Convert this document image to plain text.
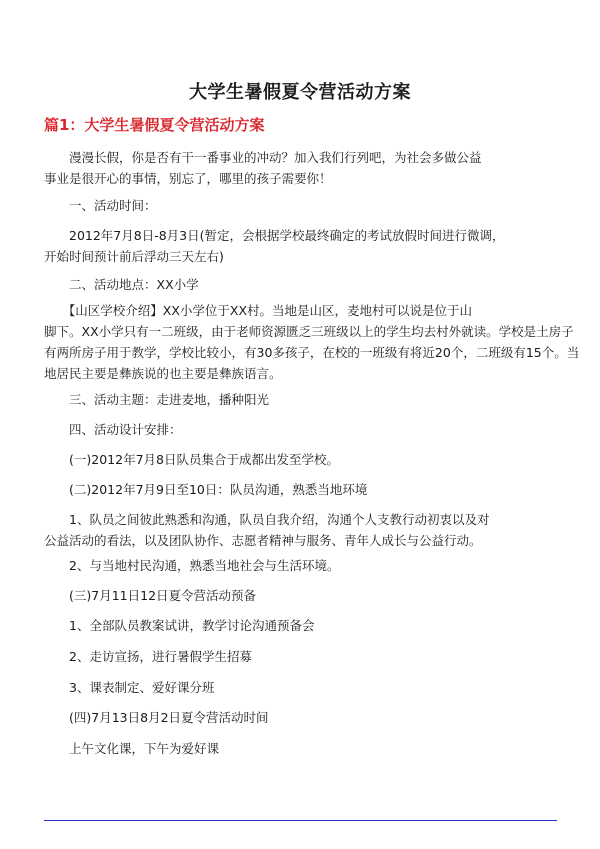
大学生暑假夏令营活动方案
篇1：大学生暑假夏令营活动方案
　　漫漫长假，你是否有干一番事业的冲动？加入我们行列吧，为社会多做公益
事业是很开心的事情，别忘了，哪里的孩子需要你！
　　一、活动时间：
　　2012年7月8日-8月3日(暂定，会根据学校最终确定的考试放假时间进行微调，
开始时间预计前后浮动三天左右)
　　二、活动地点：XX小学
　　【山区学校介绍】XX小学位于XX村。当地是山区，麦地村可以说是位于山
脚下。XX小学只有一二班级，由于老师资源匮乏三班级以上的学生均去村外就读。学校是土房子
有两所房子用于教学，学校比较小，有30多孩子，在校的一班级有将近20个，二班级有15个。当
地居民主要是彝族说的也主要是彝族语言。
　　三、活动主题：走进麦地，播种阳光
　　四、活动设计安排：
　　(一)2012年7月8日队员集合于成都出发至学校。
　　(二)2012年7月9日至10日：队员沟通，熟悉当地环境
　　1、队员之间彼此熟悉和沟通，队员自我介绍，沟通个人支教行动初衷以及对
公益活动的看法，以及团队协作、志愿者精神与服务、青年人成长与公益行动。
　　2、与当地村民沟通，熟悉当地社会与生活环境。
　　(三)7月11日12日夏令营活动预备
　　1、全部队员教案试讲，教学讨论沟通预备会
　　2、走访宣扬，进行暑假学生招募
　　3、课表制定、爱好课分班
　　(四)7月13日8月2日夏令营活动时间
　　上午文化课，下午为爱好课
